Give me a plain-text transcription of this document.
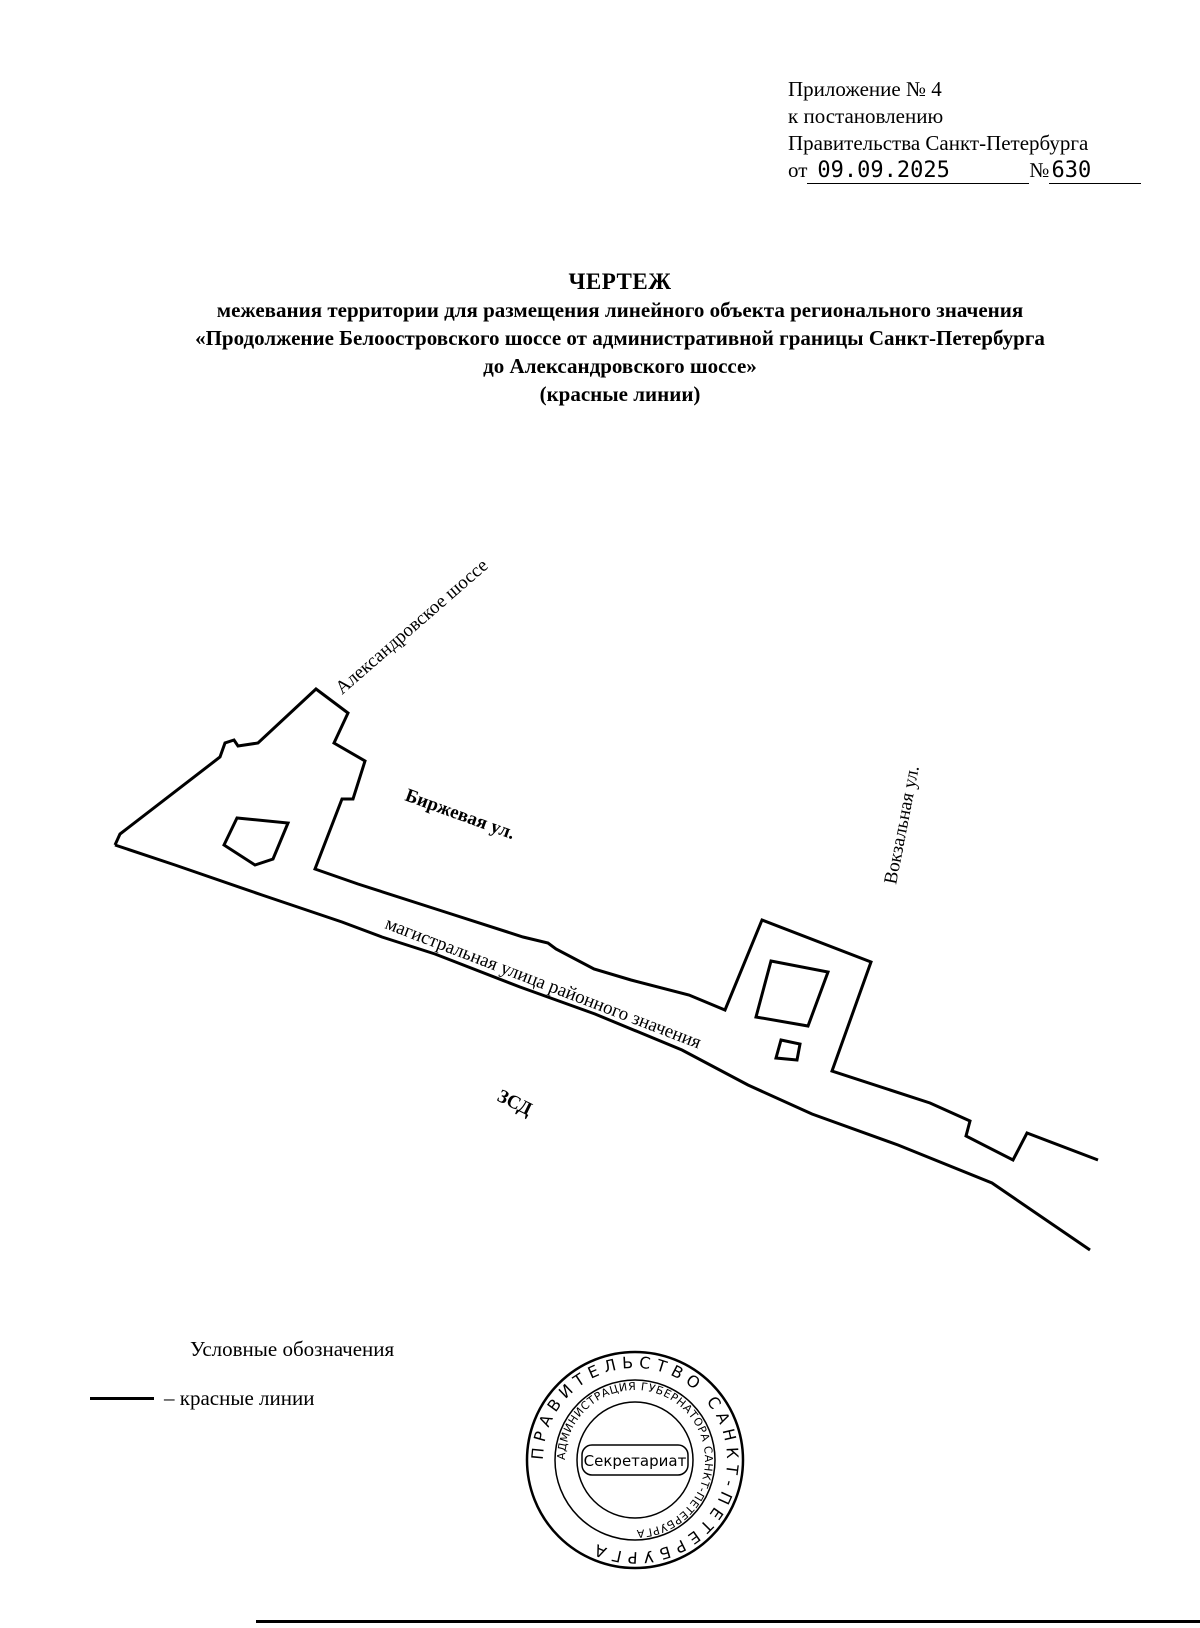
Приложение № 4
к постановлению
Правительства Санкт-Петербурга
от 09.09.2025	№ 630
ЧЕРТЕЖ
межевания территории для размещения линейного объекта регионального значения
«Продолжение Белоостровского шоссе от административной границы Санкт-Петербурга
до Александровского шоссе»
(красные линии)
Александровское шоссе
Биржевая ул.	Вокзальная ул.
магистральная улица районного значения
ЗСД
Условные обозначения
– красные линии
ПРАВИТЕЛЬСТВО САНКТ-ПЕТЕРБУРГА
АДМИНИСТРАЦИЯ ГУБЕРНАТОРА САНКТ-ПЕТЕРБУРГА
Секретариат
